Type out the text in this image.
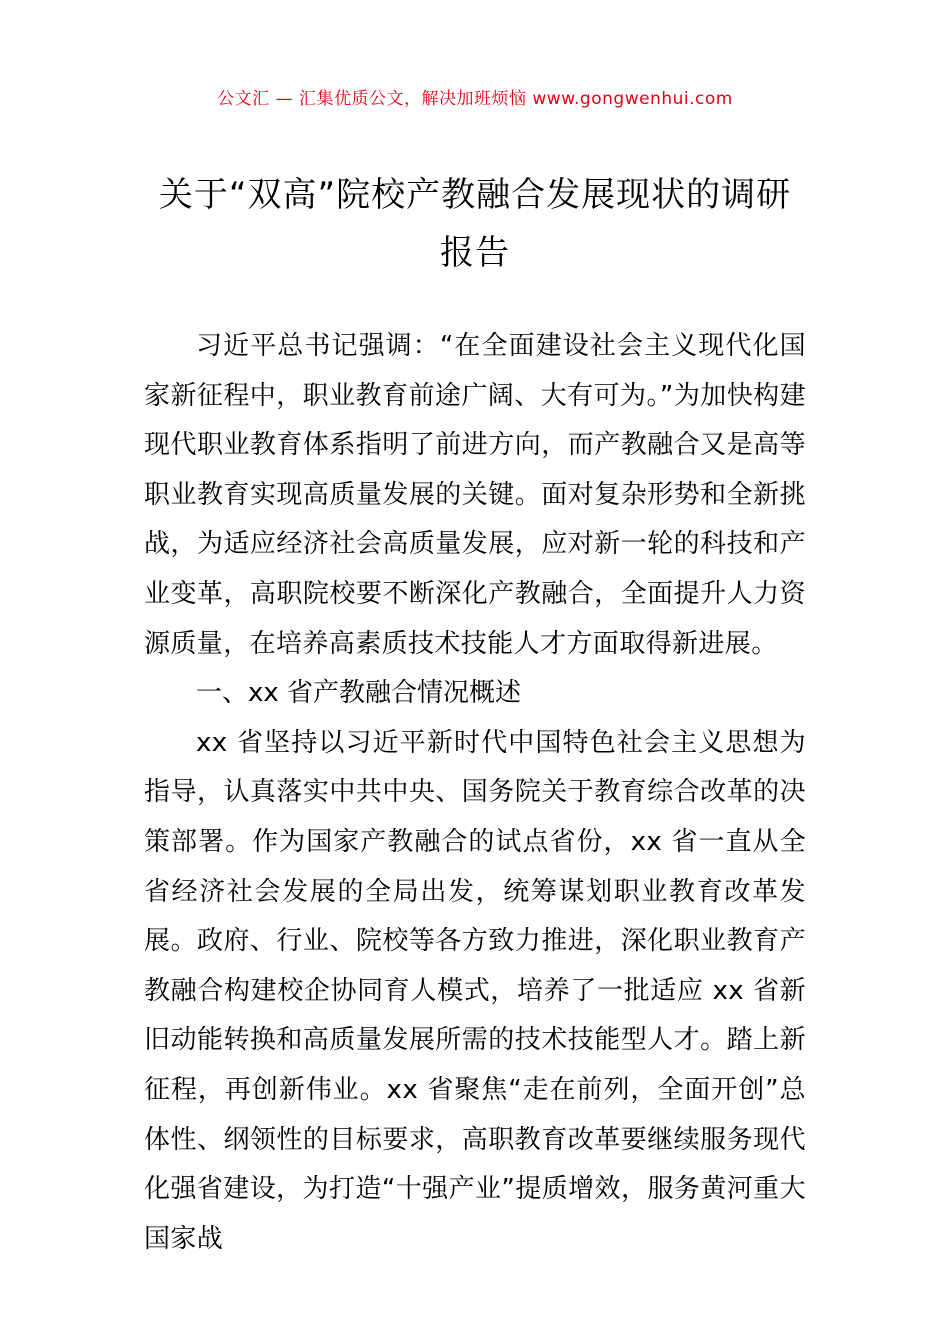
公文汇 — 汇集优质公文，解决加班烦恼 www.gongwenhui.com
关于“双高”院校产教融合发展现状的调研报告

习近平总书记强调：“在全面建设社会主义现代化国家新征程中，职业教育前途广阔、大有可为。”为加快构建现代职业教育体系指明了前进方向，而产教融合又是高等职业教育实现高质量发展的关键。面对复杂形势和全新挑战，为适应经济社会高质量发展，应对新一轮的科技和产业变革，高职院校要不断深化产教融合，全面提升人力资源质量，在培养高素质技术技能人才方面取得新进展。

一、xx 省产教融合情况概述

xx 省坚持以习近平新时代中国特色社会主义思想为指导，认真落实中共中央、国务院关于教育综合改革的决策部署。作为国家产教融合的试点省份，xx 省一直从全省经济社会发展的全局出发，统筹谋划职业教育改革发展。政府、行业、院校等各方致力推进，深化职业教育产教融合构建校企协同育人模式，培养了一批适应 xx 省新旧动能转换和高质量发展所需的技术技能型人才。踏上新征程，再创新伟业。xx 省聚焦“走在前列，全面开创”总体性、纲领性的目标要求，高职教育改革要继续服务现代化强省建设，为打造“十强产业”提质增效，服务黄河重大国家战
